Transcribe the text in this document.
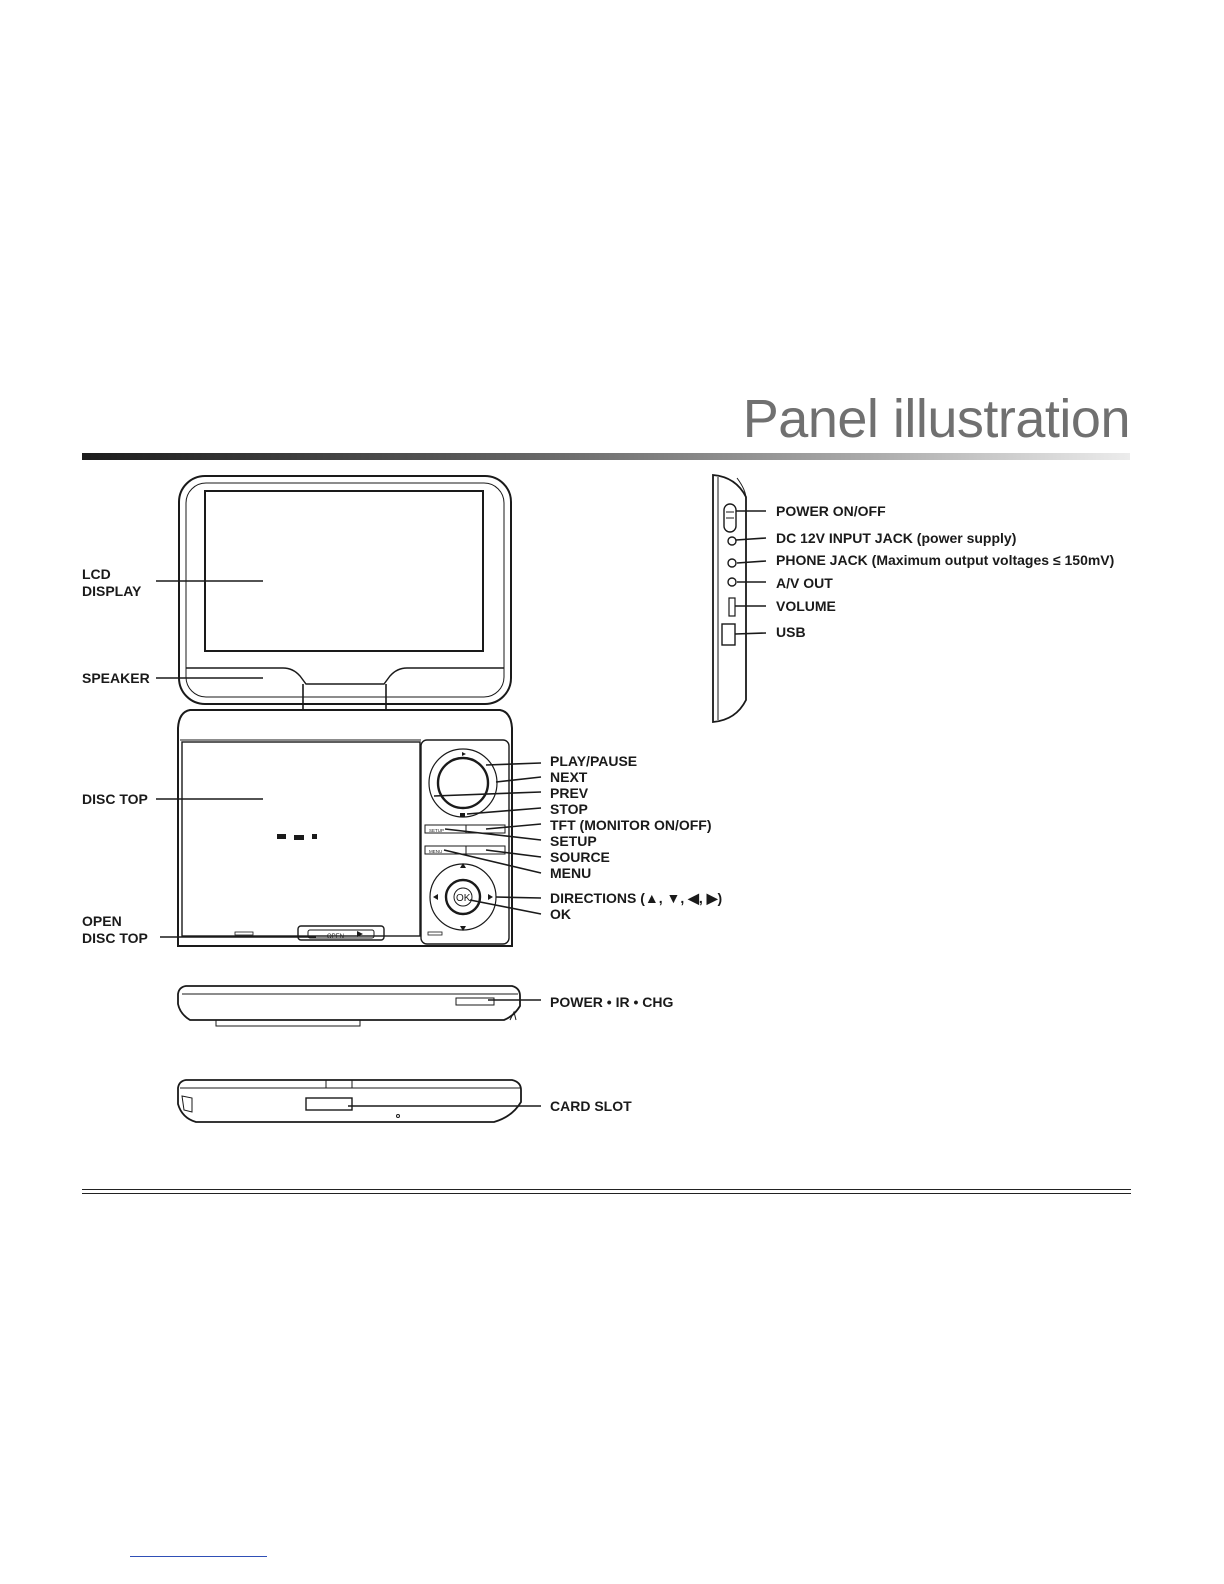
Panel illustration
OK
OPEN
SETUP
MENU
LCD
DISPLAY
SPEAKER
DISC TOP
OPEN
DISC TOP
PLAY/PAUSE
NEXT
PREV
STOP
TFT (MONITOR ON/OFF)
SETUP
SOURCE
MENU
DIRECTIONS (▲, ▼, ◀, ▶)
OK
POWER • IR • CHG
CARD SLOT
POWER ON/OFF
DC 12V INPUT JACK (power supply)
PHONE JACK (Maximum output voltages ≤ 150mV)
A/V OUT
VOLUME
USB
